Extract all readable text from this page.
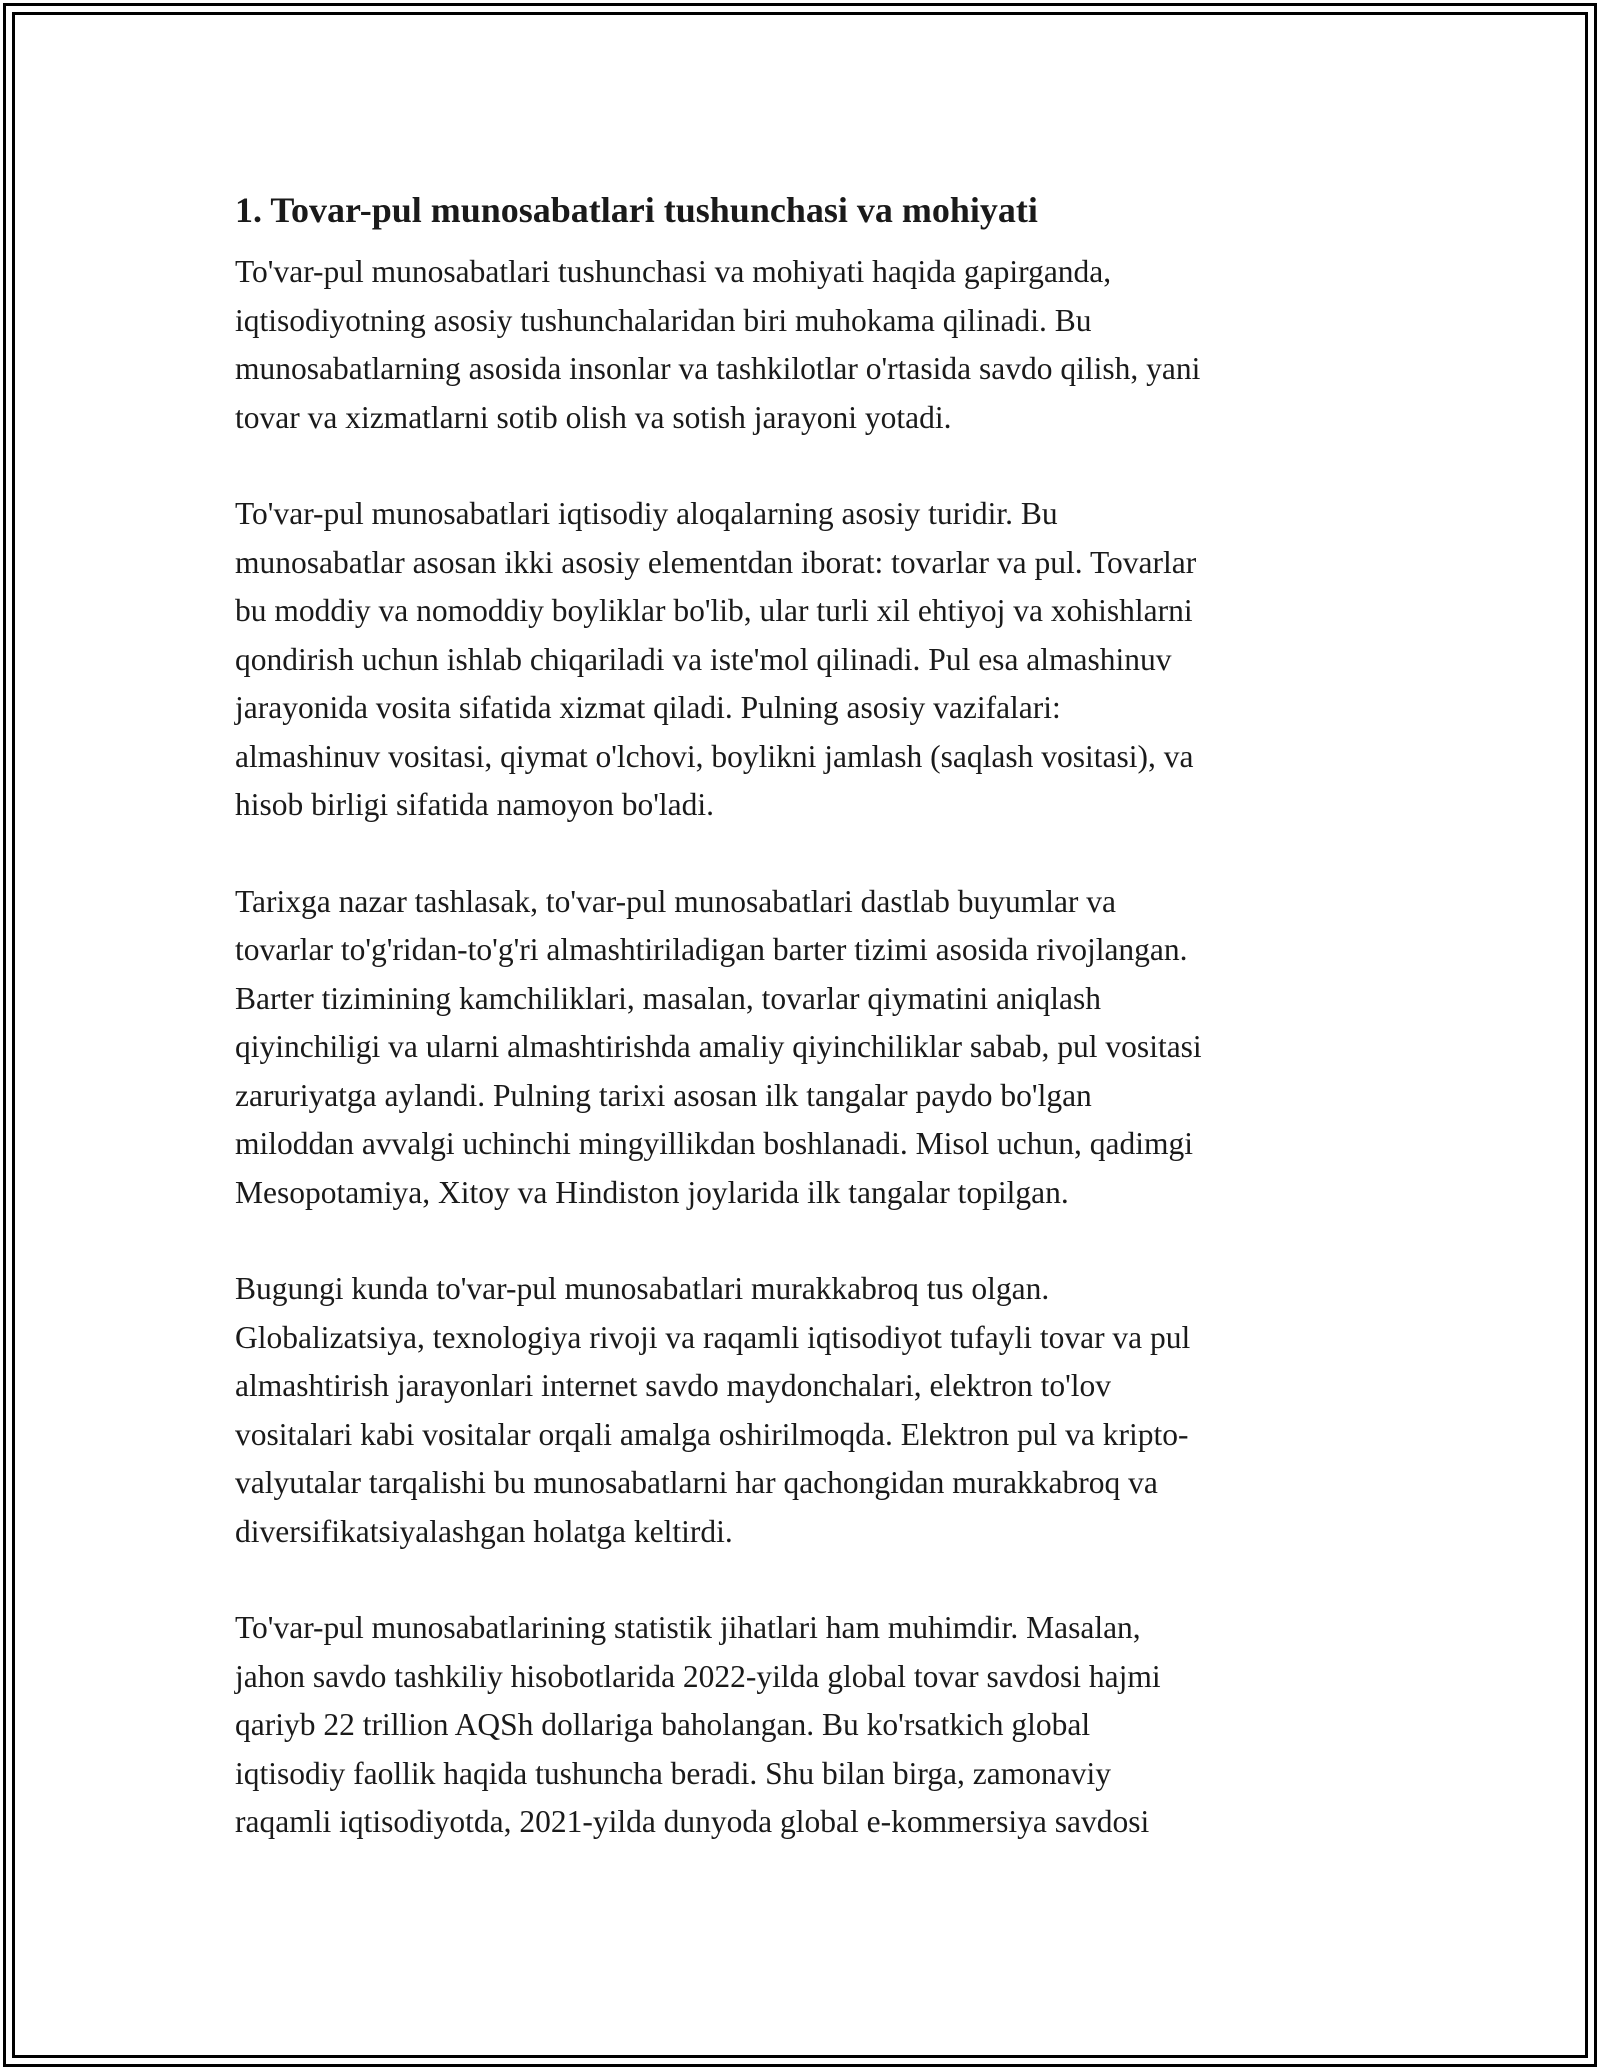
1. Tovar-pul munosabatlari tushunchasi va mohiyati

To'var-pul munosabatlari tushunchasi va mohiyati haqida gapirganda,
iqtisodiyotning asosiy tushunchalaridan biri muhokama qilinadi. Bu
munosabatlarning asosida insonlar va tashkilotlar o'rtasida savdo qilish, yani
tovar va xizmatlarni sotib olish va sotish jarayoni yotadi.

To'var-pul munosabatlari iqtisodiy aloqalarning asosiy turidir. Bu
munosabatlar asosan ikki asosiy elementdan iborat: tovarlar va pul. Tovarlar
bu moddiy va nomoddiy boyliklar bo'lib, ular turli xil ehtiyoj va xohishlarni
qondirish uchun ishlab chiqariladi va iste'mol qilinadi. Pul esa almashinuv
jarayonida vosita sifatida xizmat qiladi. Pulning asosiy vazifalari:
almashinuv vositasi, qiymat o'lchovi, boylikni jamlash (saqlash vositasi), va
hisob birligi sifatida namoyon bo'ladi.

Tarixga nazar tashlasak, to'var-pul munosabatlari dastlab buyumlar va
tovarlar to'g'ridan-to'g'ri almashtiriladigan barter tizimi asosida rivojlangan.
Barter tizimining kamchiliklari, masalan, tovarlar qiymatini aniqlash
qiyinchiligi va ularni almashtirishda amaliy qiyinchiliklar sabab, pul vositasi
zaruriyatga aylandi. Pulning tarixi asosan ilk tangalar paydo bo'lgan
miloddan avvalgi uchinchi mingyillikdan boshlanadi. Misol uchun, qadimgi
Mesopotamiya, Xitoy va Hindiston joylarida ilk tangalar topilgan.

Bugungi kunda to'var-pul munosabatlari murakkabroq tus olgan.
Globalizatsiya, texnologiya rivoji va raqamli iqtisodiyot tufayli tovar va pul
almashtirish jarayonlari internet savdo maydonchalari, elektron to'lov
vositalari kabi vositalar orqali amalga oshirilmoqda. Elektron pul va kripto-
valyutalar tarqalishi bu munosabatlarni har qachongidan murakkabroq va
diversifikatsiyalashgan holatga keltirdi.

To'var-pul munosabatlarining statistik jihatlari ham muhimdir. Masalan,
jahon savdo tashkiliy hisobotlarida 2022-yilda global tovar savdosi hajmi
qariyb 22 trillion AQSh dollariga baholangan. Bu ko'rsatkich global
iqtisodiy faollik haqida tushuncha beradi. Shu bilan birga, zamonaviy
raqamli iqtisodiyotda, 2021-yilda dunyoda global e-kommersiya savdosi
